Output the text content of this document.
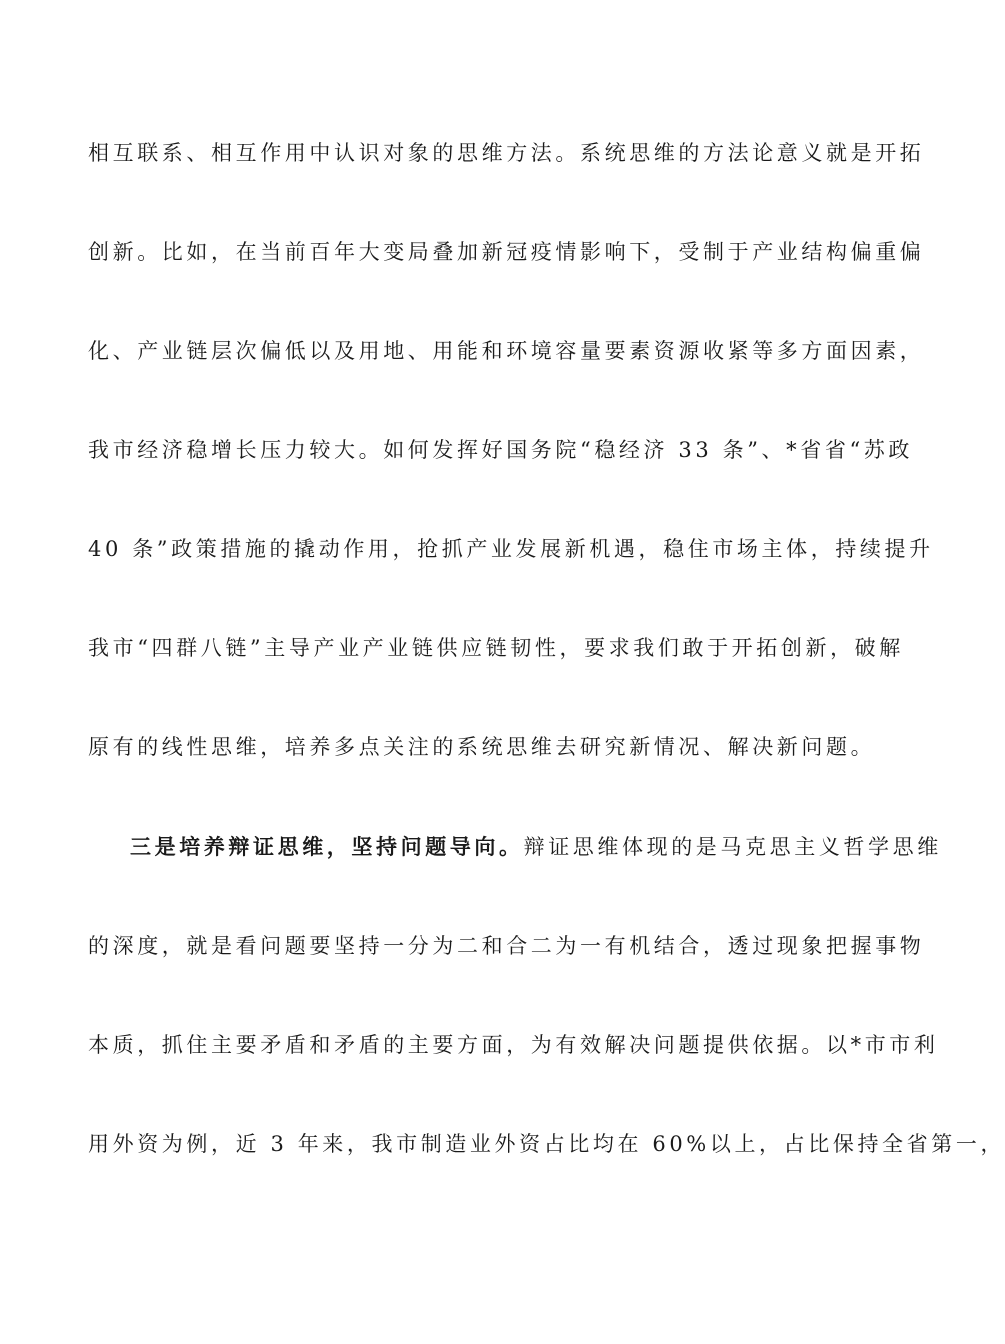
相互联系、相互作用中认识对象的思维方法。系统思维的方法论意义就是开拓
创新。比如，在当前百年大变局叠加新冠疫情影响下，受制于产业结构偏重偏
化、产业链层次偏低以及用地、用能和环境容量要素资源收紧等多方面因素，
我市经济稳增长压力较大。如何发挥好国务院“稳经济 33 条”、*省省“苏政
40 条”政策措施的撬动作用，抢抓产业发展新机遇，稳住市场主体，持续提升
我市“四群八链”主导产业产业链供应链韧性，要求我们敢于开拓创新，破解
原有的线性思维，培养多点关注的系统思维去研究新情况、解决新问题。
三是培养辩证思维，坚持问题导向。辩证思维体现的是马克思主义哲学思维
的深度，就是看问题要坚持一分为二和合二为一有机结合，透过现象把握事物
本质，抓住主要矛盾和矛盾的主要方面，为有效解决问题提供依据。以*市市利
用外资为例，近 3 年来，我市制造业外资占比均在 60%以上，占比保持全省第一，
